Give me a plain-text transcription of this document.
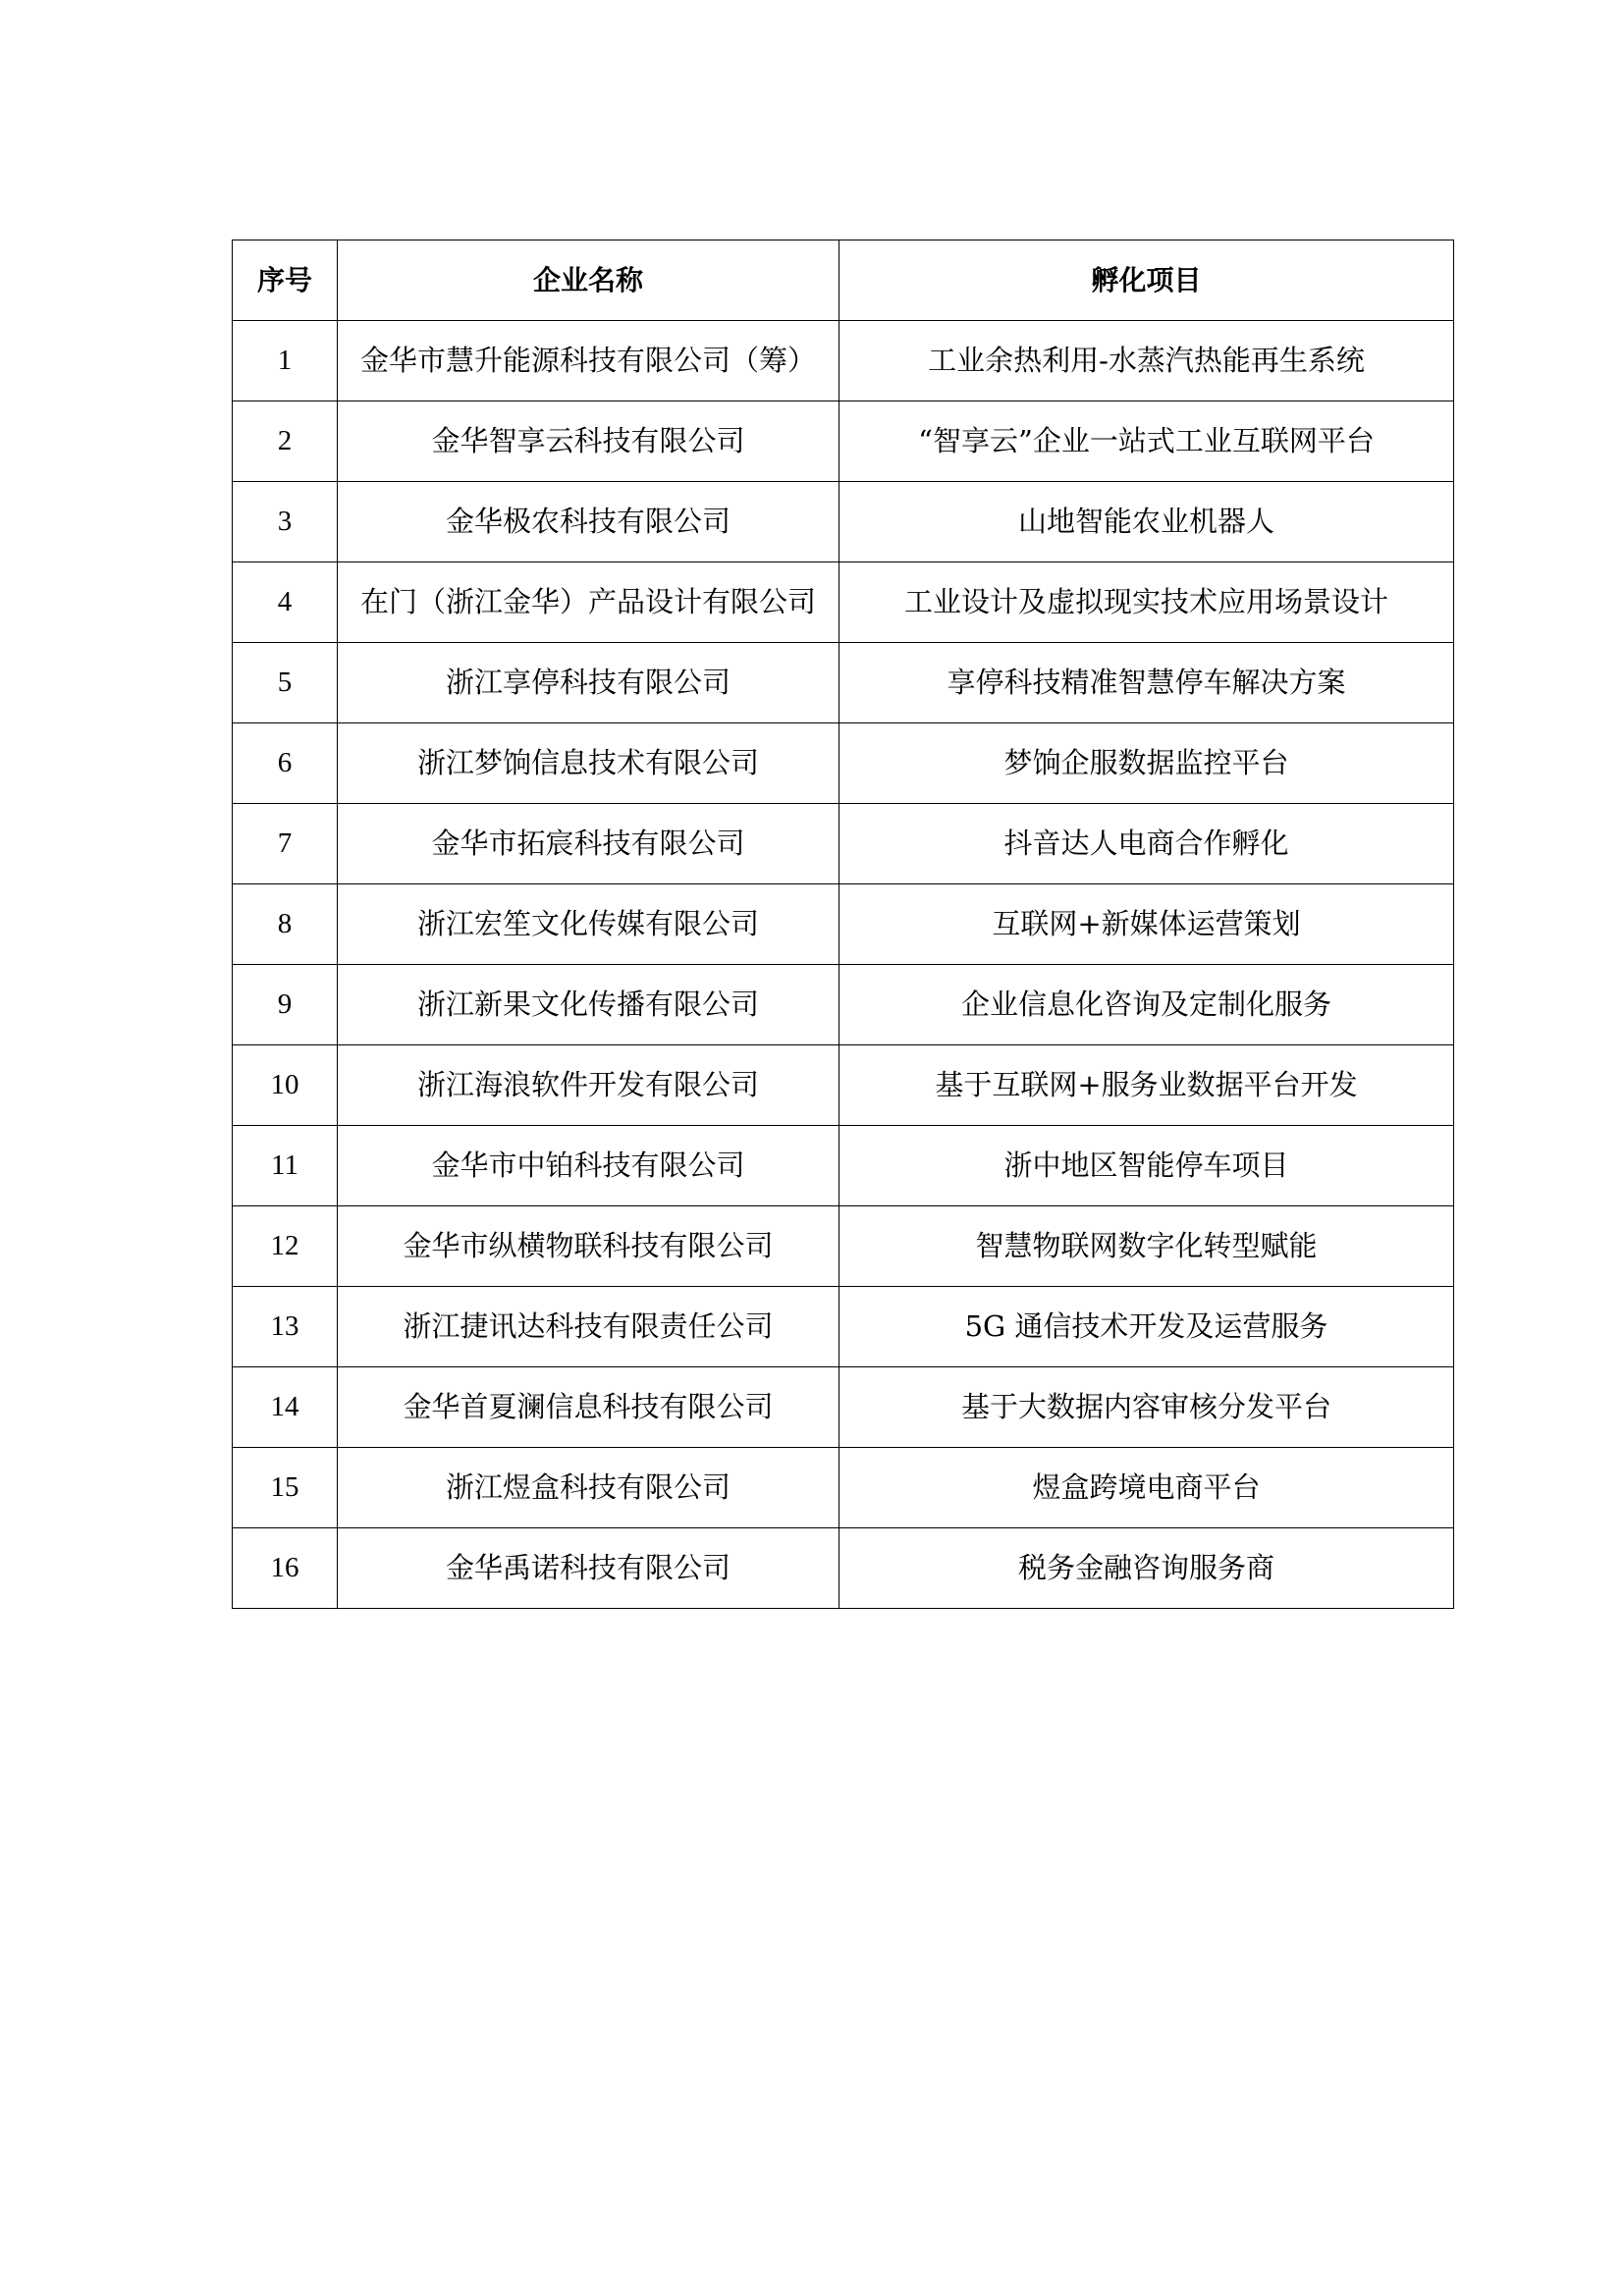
序号	企业名称	孵化项目
1	金华市慧升能源科技有限公司（筹）	工业余热利用-水蒸汽热能再生系统
2	金华智享云科技有限公司	“智享云”企业一站式工业互联网平台
3	金华极农科技有限公司	山地智能农业机器人
4	在门（浙江金华）产品设计有限公司	工业设计及虚拟现实技术应用场景设计
5	浙江享停科技有限公司	享停科技精准智慧停车解决方案
6	浙江梦饷信息技术有限公司	梦饷企服数据监控平台
7	金华市拓宸科技有限公司	抖音达人电商合作孵化
8	浙江宏笙文化传媒有限公司	互联网+新媒体运营策划
9	浙江新果文化传播有限公司	企业信息化咨询及定制化服务
10	浙江海浪软件开发有限公司	基于互联网+服务业数据平台开发
11	金华市中铂科技有限公司	浙中地区智能停车项目
12	金华市纵横物联科技有限公司	智慧物联网数字化转型赋能
13	浙江捷讯达科技有限责任公司	5G 通信技术开发及运营服务
14	金华首夏澜信息科技有限公司	基于大数据内容审核分发平台
15	浙江煜盒科技有限公司	煜盒跨境电商平台
16	金华禹诺科技有限公司	税务金融咨询服务商
